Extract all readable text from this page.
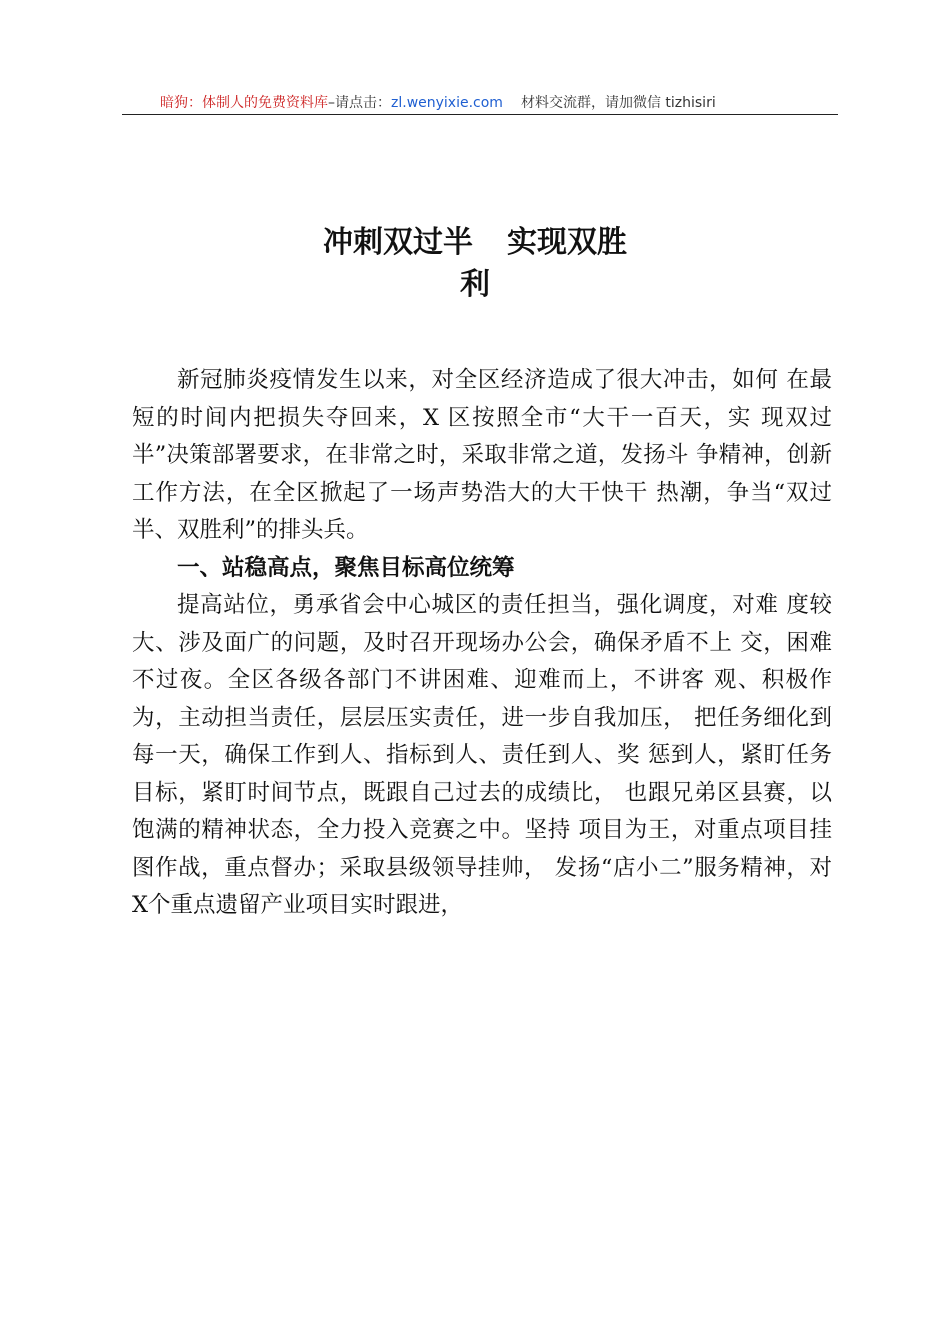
暗狗：体制人的免费资料库–请点击：zl.wenyixie.com 材料交流群，请加微信 tizhisiri
冲刺双过半 实现双胜
利

新冠肺炎疫情发生以来，对全区经济造成了很大冲击，如何 在最短的时间内把损失夺回来，X 区按照全市“大干一百天，实 现双过半”决策部署要求，在非常之时，采取非常之道，发扬斗 争精神，创新工作方法，在全区掀起了一场声势浩大的大干快干 热潮，争当“双过半、双胜利”的排头兵。

一、站稳高点，聚焦目标高位统筹

提高站位，勇承省会中心城区的责任担当，强化调度，对难 度较大、涉及面广的问题，及时召开现场办公会，确保矛盾不上 交，困难不过夜。全区各级各部门不讲困难、迎难而上，不讲客 观、积极作为，主动担当责任，层层压实责任，进一步自我加压， 把任务细化到每一天，确保工作到人、指标到人、责任到人、奖 惩到人，紧盯任务目标，紧盯时间节点，既跟自己过去的成绩比， 也跟兄弟区县赛，以饱满的精神状态，全力投入竞赛之中。坚持 项目为王，对重点项目挂图作战，重点督办；采取县级领导挂帅， 发扬“店小二”服务精神，对 X个重点遗留产业项目实时跟进，
